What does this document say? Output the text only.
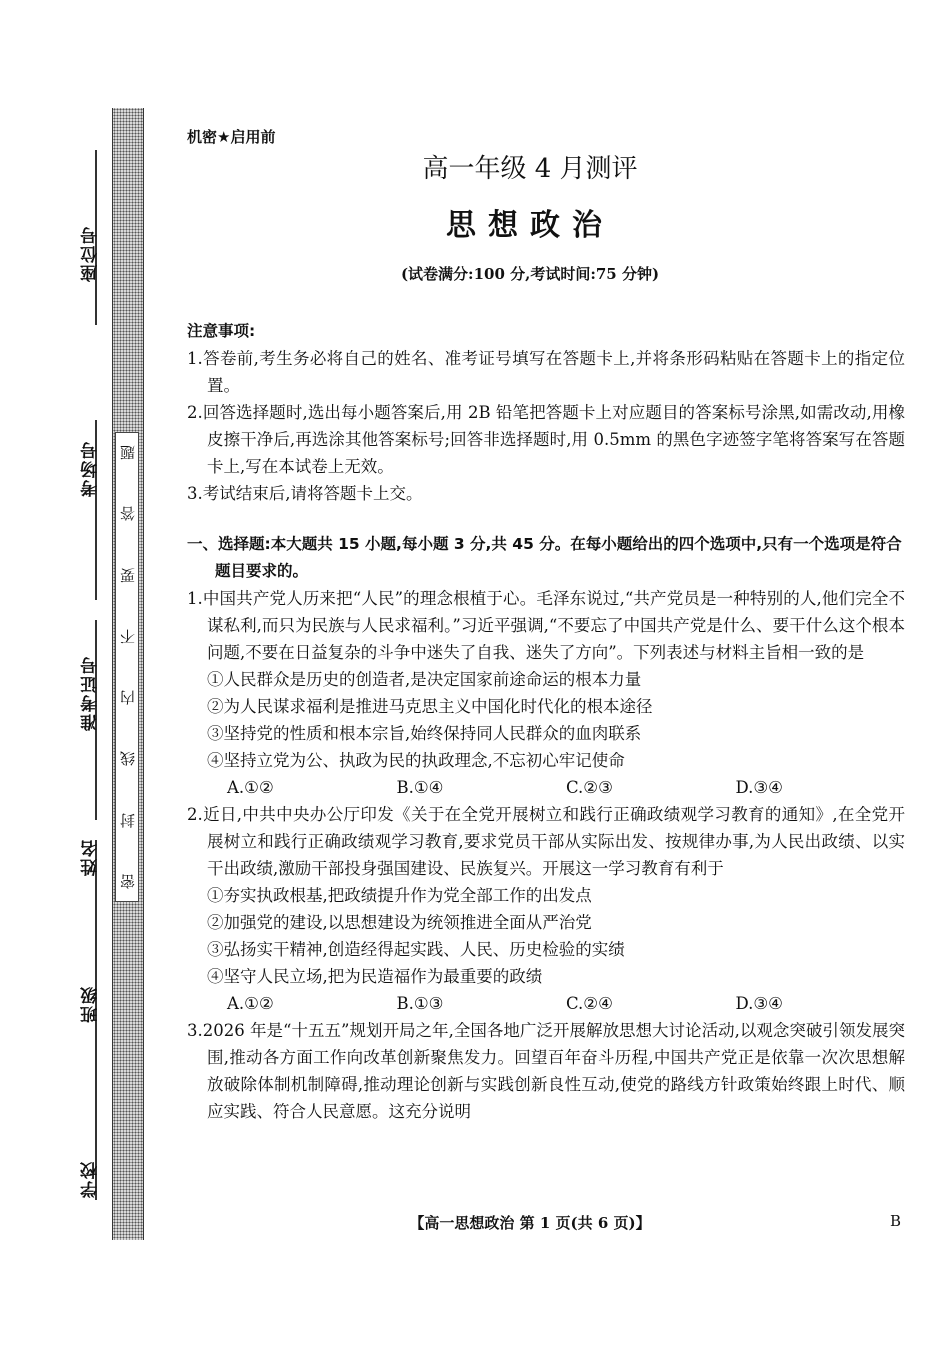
座位号
考场号
准考证号
姓名
班级
学校
题
答
要
不
内
线
封
密
机密★启用前
高一年级 4 月测评
思想政治
(试卷满分:100 分,考试时间:75 分钟)
注意事项:
1.答卷前,考生务必将自己的姓名、准考证号填写在答题卡上,并将条形码粘贴在答题卡上的指定位置。
2.回答选择题时,选出每小题答案后,用 2B 铅笔把答题卡上对应题目的答案标号涂黑,如需改动,用橡皮擦干净后,再选涂其他答案标号;回答非选择题时,用 0.5mm 的黑色字迹签字笔将答案写在答题卡上,写在本试卷上无效。
3.考试结束后,请将答题卡上交。
一、选择题:本大题共 15 小题,每小题 3 分,共 45 分。在每小题给出的四个选项中,只有一个选项是符合题目要求的。
1.中国共产党人历来把“人民”的理念根植于心。毛泽东说过,“共产党员是一种特别的人,他们完全不谋私利,而只为民族与人民求福利。”习近平强调,“不要忘了中国共产党是什么、要干什么这个根本问题,不要在日益复杂的斗争中迷失了自我、迷失了方向”。下列表述与材料主旨相一致的是
①人民群众是历史的创造者,是决定国家前途命运的根本力量
②为人民谋求福利是推进马克思主义中国化时代化的根本途径
③坚持党的性质和根本宗旨,始终保持同人民群众的血肉联系
④坚持立党为公、执政为民的执政理念,不忘初心牢记使命
A.①②	B.①④	C.②③	D.③④
2.近日,中共中央办公厅印发《关于在全党开展树立和践行正确政绩观学习教育的通知》,在全党开展树立和践行正确政绩观学习教育,要求党员干部从实际出发、按规律办事,为人民出政绩、以实干出政绩,激励干部投身强国建设、民族复兴。开展这一学习教育有利于
①夯实执政根基,把政绩提升作为党全部工作的出发点
②加强党的建设,以思想建设为统领推进全面从严治党
③弘扬实干精神,创造经得起实践、人民、历史检验的实绩
④坚守人民立场,把为民造福作为最重要的政绩
A.①②	B.①③	C.②④	D.③④
3.2026 年是“十五五”规划开局之年,全国各地广泛开展解放思想大讨论活动,以观念突破引领发展突围,推动各方面工作向改革创新聚焦发力。回望百年奋斗历程,中国共产党正是依靠一次次思想解放破除体制机制障碍,推动理论创新与实践创新良性互动,使党的路线方针政策始终跟上时代、顺应实践、符合人民意愿。这充分说明
【高一思想政治 第 1 页(共 6 页)】	B
